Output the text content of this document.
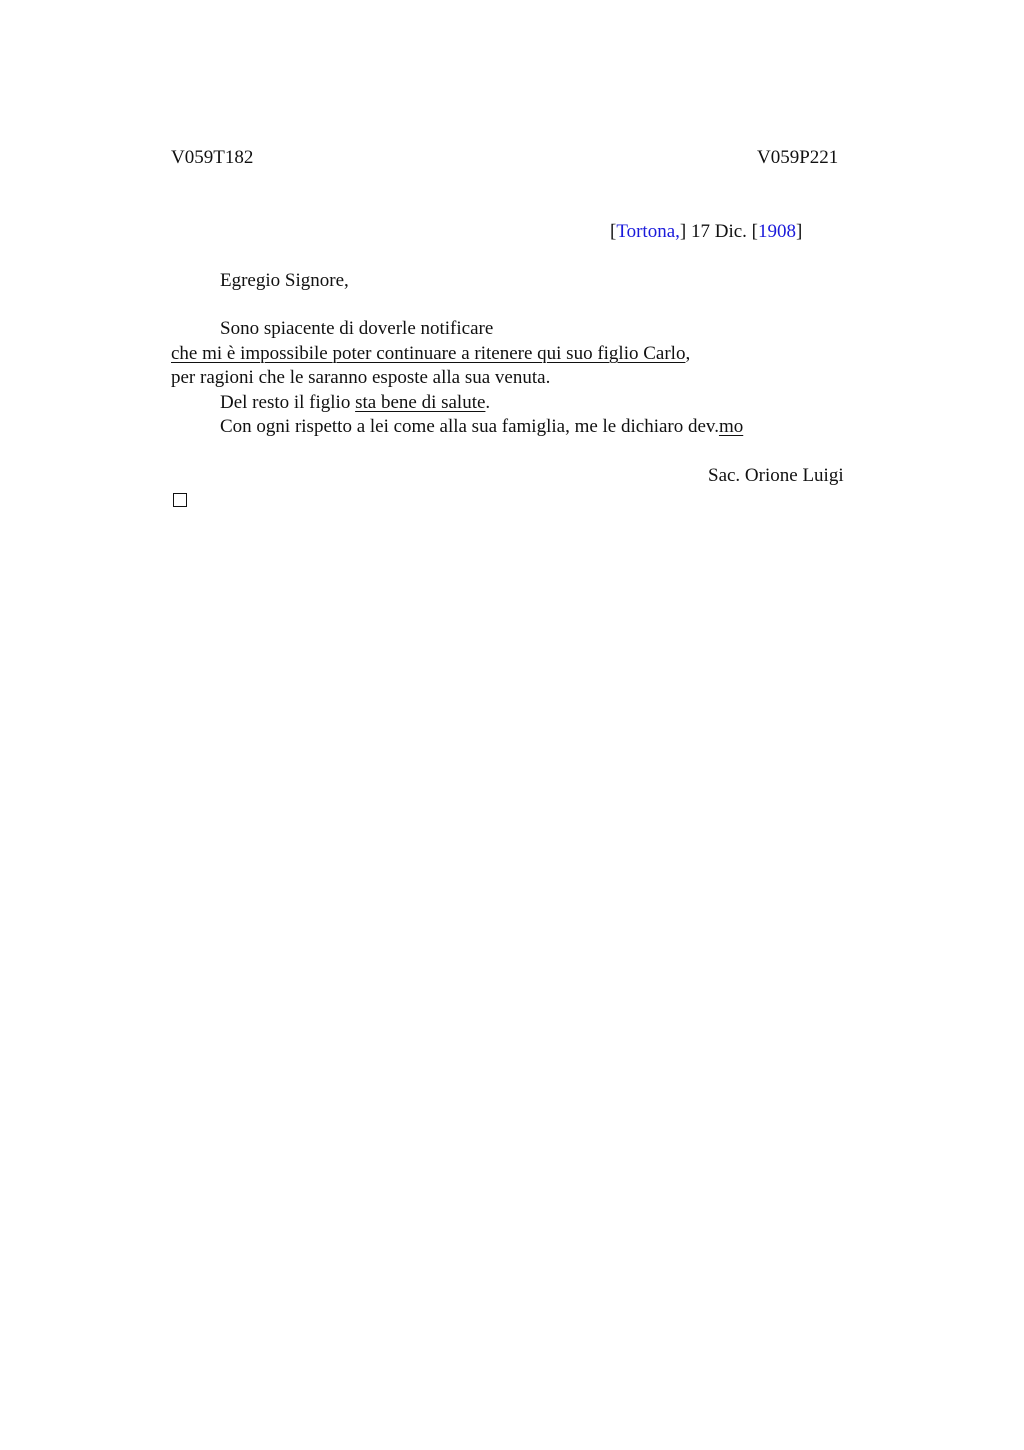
V059T182	V059P221
[Tortona,] 17 Dic. [1908]
Egregio Signore,
Sono spiacente di doverle notificare
che mi è impossibile poter continuare a ritenere qui suo figlio Carlo,
per ragioni che le saranno esposte alla sua venuta.
Del resto il figlio sta bene di salute.
Con ogni rispetto a lei come alla sua famiglia, me le dichiaro dev.mo
Sac. Orione Luigi
